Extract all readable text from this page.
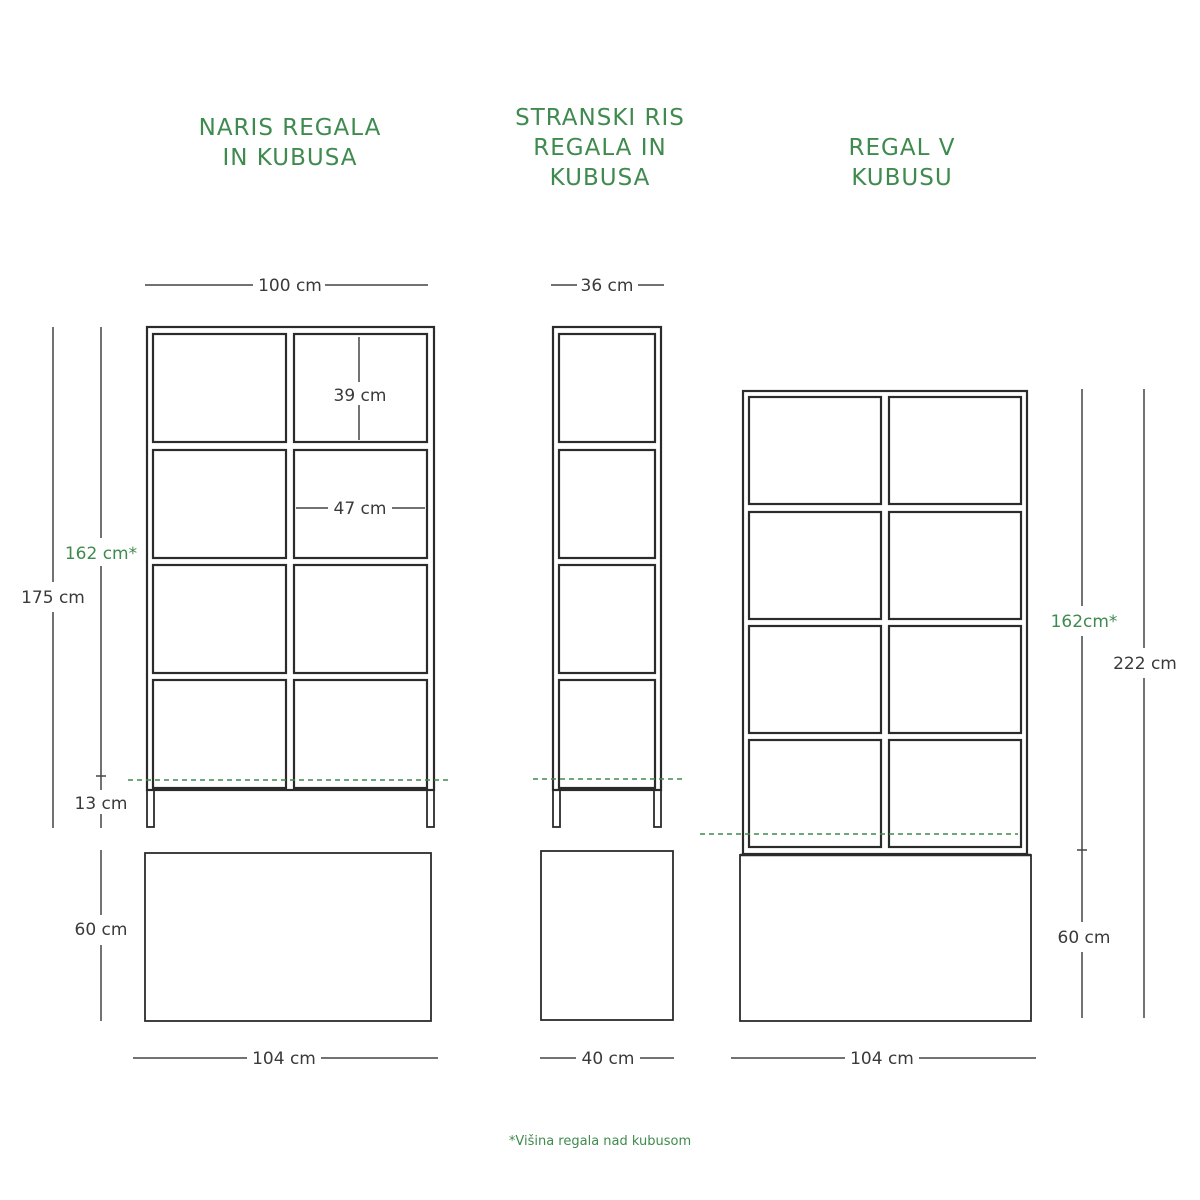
NARIS REGALA
IN KUBUSA
STRANSKI RIS
REGALA IN
KUBUSA
REGAL V
KUBUSU
100 cm
39 cm
47 cm
175 cm
162 cm*
13 cm
60 cm
104 cm
36 cm
40 cm
162cm*
60 cm
222 cm
104 cm
*Višina regala nad kubusom
